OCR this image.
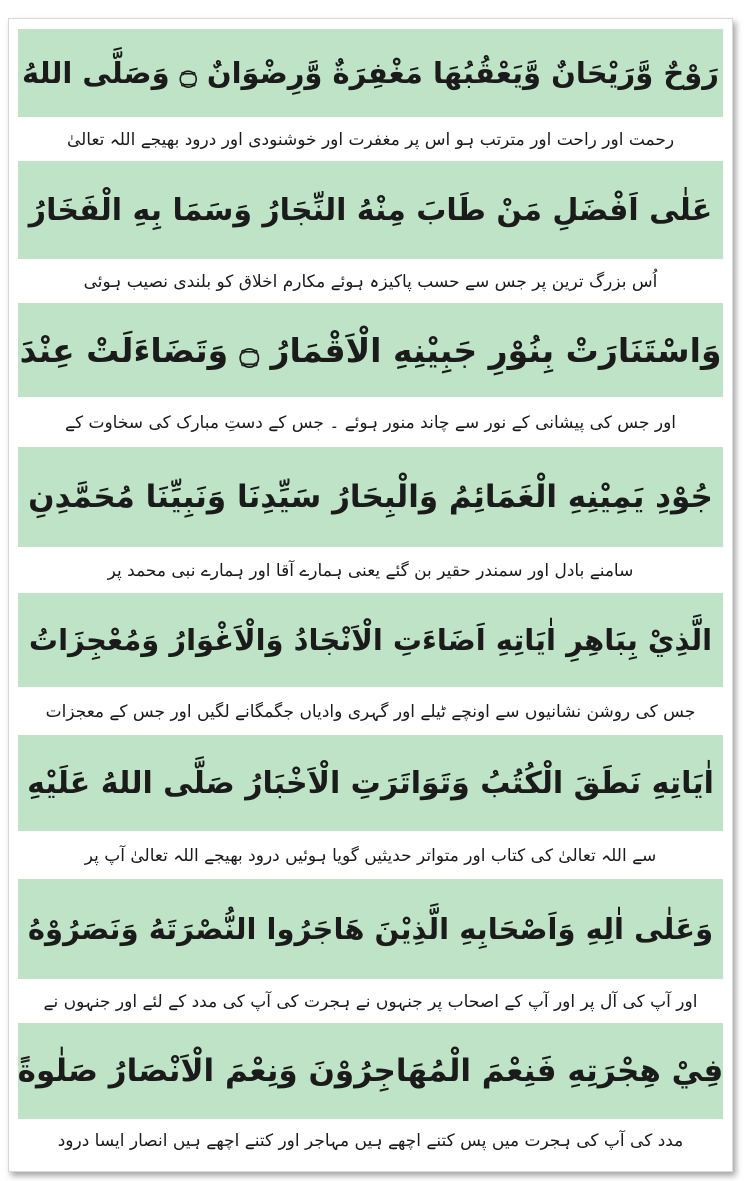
رَوْحٌ وَّرَيْحَانٌ وَّيَعْقُبُهَا مَغْفِرَةٌ وَّرِضْوَانٌ ۝ وَصَلَّى اللهُ
رحمت اور راحت اور مترتب ہو اس پر مغفرت اور خوشنودی اور درود بھیجے اللہ تعالیٰ
عَلٰی اَفْضَلِ مَنْ طَابَ مِنْهُ النِّجَارُ وَسَمَا بِهِ الْفَخَارُ
اُس بزرگ ترین پر جس سے حسب پاکیزہ ہوئے مکارم اخلاق کو بلندی نصیب ہوئی
وَاسْتَنَارَتْ بِنُوْرِ جَبِيْنِهِ الْاَقْمَارُ ۝ وَتَضَاءَلَتْ عِنْدَ
اور جس کی پیشانی کے نور سے چاند منور ہوئے ۔ جس کے دستِ مبارک کی سخاوت کے
جُوْدِ يَمِيْنِهِ الْغَمَائِمُ وَالْبِحَارُ سَيِّدِنَا وَنَبِيِّنَا مُحَمَّدِنِ
سامنے بادل اور سمندر حقیر بن گئے یعنی ہمارے آقا اور ہمارے نبی محمد پر
الَّذِيْ بِبَاهِرِ اٰيَاتِهِ اَضَاءَتِ الْاَنْجَادُ وَالْاَغْوَارُ وَمُعْجِزَاتُ
جس کی روشن نشانیوں سے اونچے ٹیلے اور گہری وادیاں جگمگانے لگیں اور جس کے معجزات
اٰيَاتِهِ نَطَقَ الْكُتُبُ وَتَوَاتَرَتِ الْاَخْبَارُ صَلَّى اللهُ عَلَيْهِ
سے اللہ تعالیٰ کی کتاب اور متواتر حدیثیں گویا ہوئیں درود بھیجے اللہ تعالیٰ آپ پر
وَعَلٰی اٰلِهِ وَاَصْحَابِهِ الَّذِيْنَ هَاجَرُوا النُّصْرَتَهُ وَنَصَرُوْهُ
اور آپ کی آل پر اور آپ کے اصحاب پر جنہوں نے ہجرت کی آپ کی مدد کے لئے اور جنہوں نے
فِيْ هِجْرَتِهِ فَنِعْمَ الْمُهَاجِرُوْنَ وَنِعْمَ الْاَنْصَارُ صَلٰوةً
مدد کی آپ کی ہجرت میں پس کتنے اچھے ہیں مہاجر اور کتنے اچھے ہیں انصار ایسا درود
